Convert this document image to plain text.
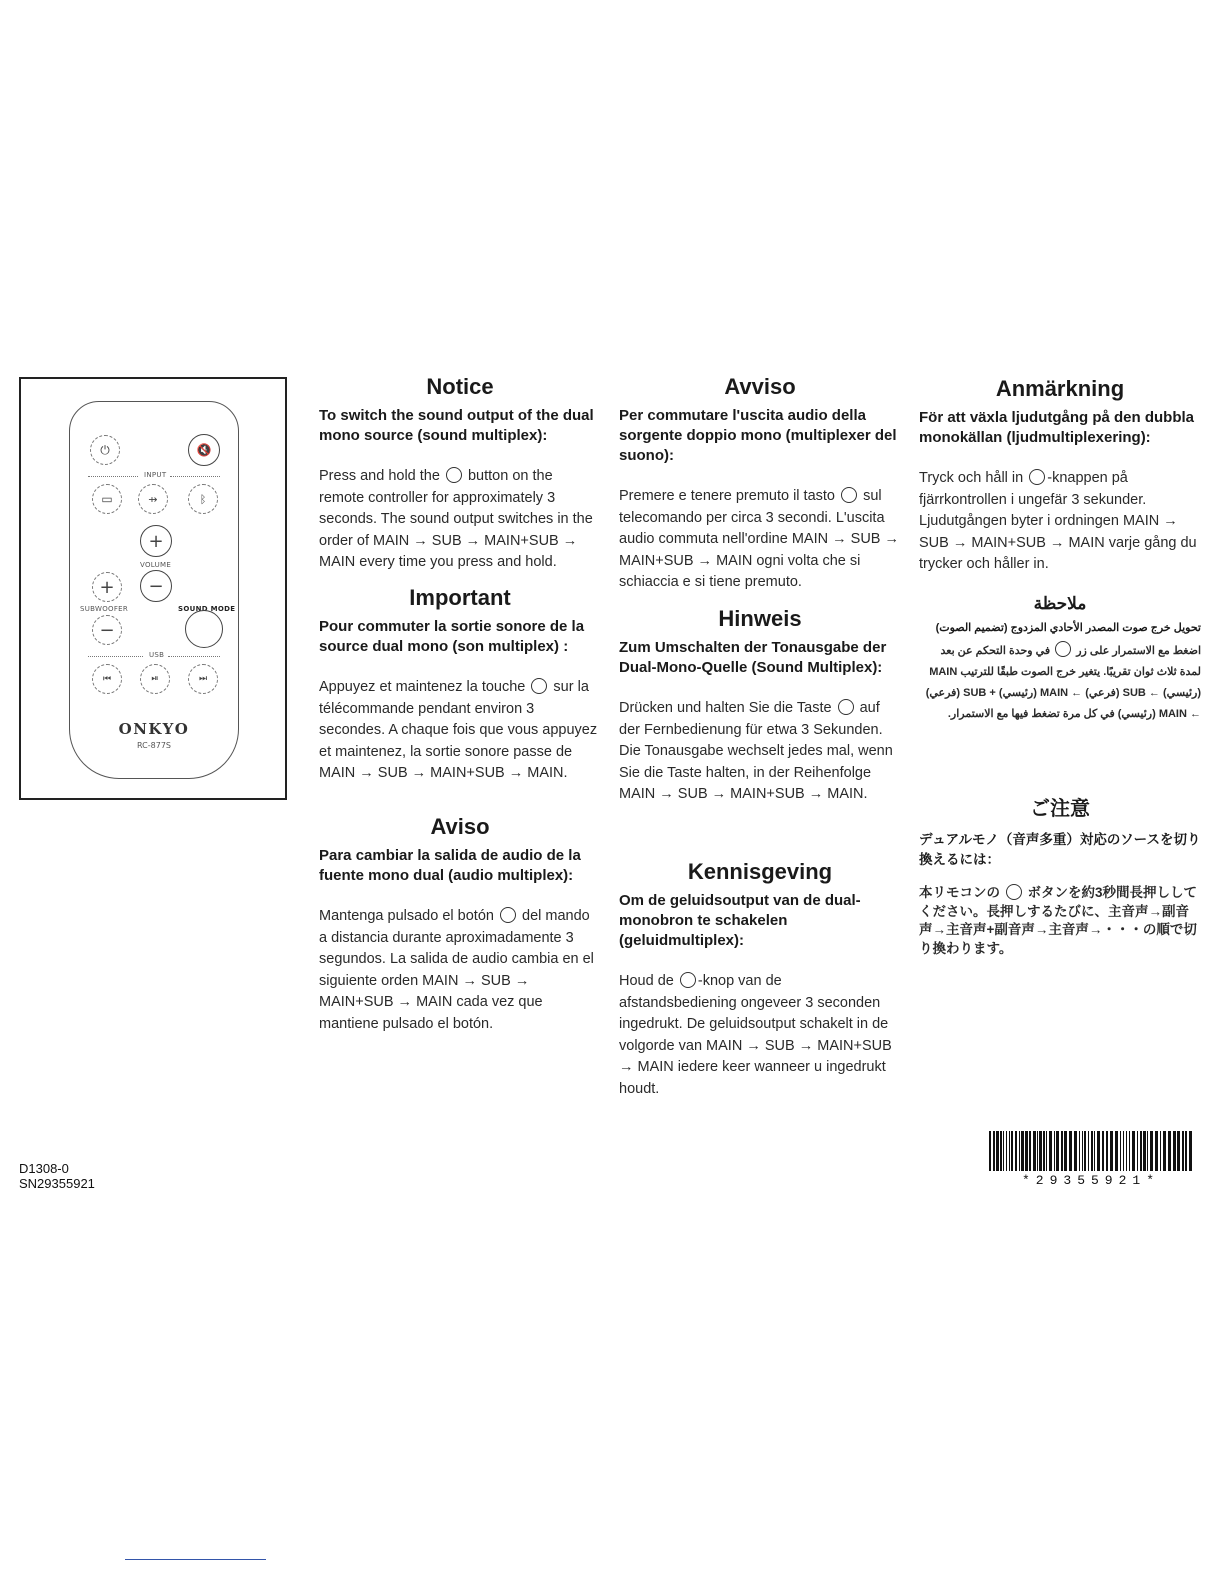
⏻	🔇
INPUT
▭	⇸	ᛒ
+
VOLUME
+	−
SUBWOOFER	SOUND MODE
−
USB
⏮	⏯	⏭
ONKYO
RC-877S
Notice
To switch the sound output of the dual mono source (sound multiplex):

Press and hold the button on the remote controller for approximately 3 seconds. The sound output switches in the order of MAIN → SUB → MAIN+SUB → MAIN every time you press and hold.

Important
Pour commuter la sortie sonore de la source dual mono (son multiplex) :

Appuyez et maintenez la touche sur la télécommande pendant environ 3 secondes. A chaque fois que vous appuyez et maintenez, la sortie sonore passe de MAIN → SUB → MAIN+SUB → MAIN.

Aviso
Para cambiar la salida de audio de la fuente mono dual (audio multiplex):

Mantenga pulsado el botón del mando a distancia durante aproximadamente 3 segundos. La salida de audio cambia en el siguiente orden MAIN → SUB → MAIN+SUB → MAIN cada vez que mantiene pulsado el botón.

Avviso
Per commutare l'uscita audio della sorgente doppio mono (multiplexer del suono):

Premere e tenere premuto il tasto sul telecomando per circa 3 secondi. L'uscita audio commuta nell'ordine MAIN → SUB → MAIN+SUB → MAIN ogni volta che si schiaccia e si tiene premuto.

Hinweis
Zum Umschalten der Tonausgabe der Dual-Mono-Quelle (Sound Multiplex):

Drücken und halten Sie die Taste auf der Fernbedienung für etwa 3 Sekunden. Die Tonausgabe wechselt jedes mal, wenn Sie die Taste halten, in der Reihenfolge MAIN → SUB → MAIN+SUB → MAIN.

Kennisgeving
Om de geluidsoutput van de dual-monobron te schakelen (geluidmultiplex):

Houd de -knop van de afstandsbediening ongeveer 3 seconden ingedrukt. De geluidsoutput schakelt in de volgorde van MAIN → SUB → MAIN+SUB → MAIN iedere keer wanneer u ingedrukt houdt.

Anmärkning
För att växla ljudutgång på den dubbla monokällan (ljudmultiplexering):

Tryck och håll in -knappen på fjärrkontrollen i ungefär 3 sekunder. Ljudutgången byter i ordningen MAIN → SUB → MAIN+SUB → MAIN varje gång du trycker och håller in.

ملاحظة
تحويل خرج صوت المصدر الأحادي المزدوج (تضميم الصوت)

اضغط مع الاستمرار على زر  في وحدة التحكم عن بعد لمدة ثلاث ثوان تقريبًا. يتغير خرج الصوت طبقًا للترتيب MAIN (رئيسي) ← SUB (فرعي) ← MAIN (رئيسي) + SUB (فرعي) ← MAIN (رئيسي) في كل مرة تضغط فيها مع الاستمرار.

ご注意
デュアルモノ（音声多重）対応のソースを切り換えるには：

本リモコンの ボタンを約3秒間長押ししてください。長押しするたびに、主音声→副音声→主音声+副音声→主音声→・・・の順で切り換わります。

D1308-0
SN29355921	*29355921*
